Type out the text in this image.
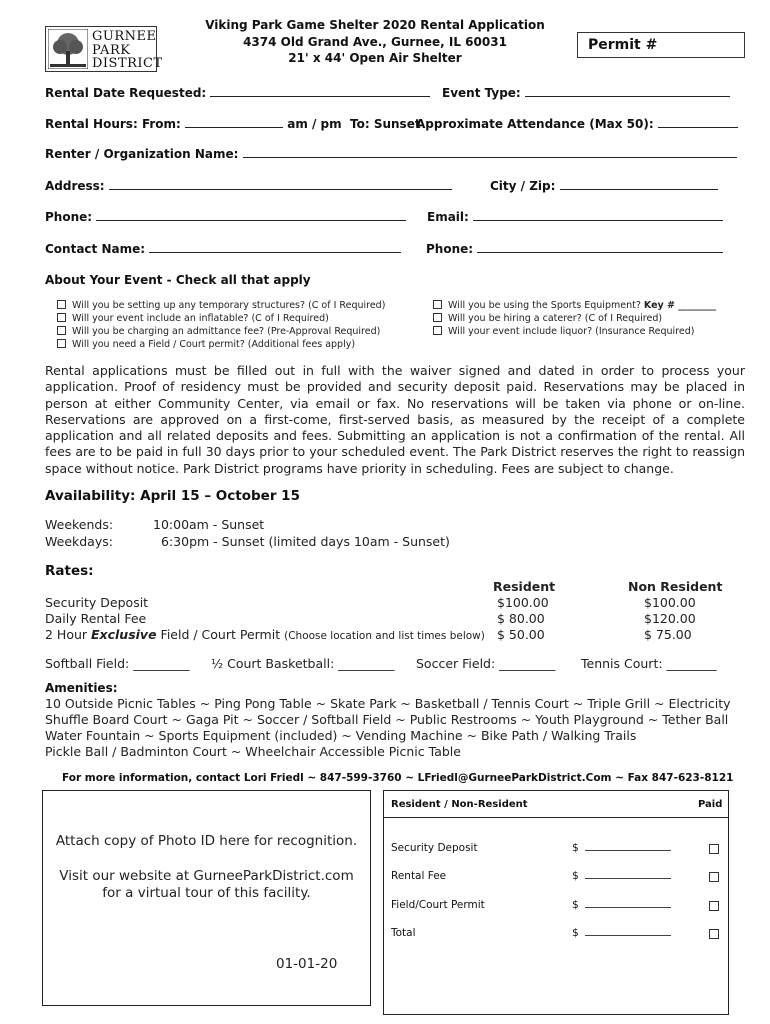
GURNEE
PARK
DISTRICT
Viking Park Game Shelter 2020 Rental Application
4374 Old Grand Ave., Gurnee, IL 60031
21' x 44' Open Air Shelter
Permit #
Rental Date Requested:	Event Type:
Rental Hours: From:	am / pm To: Sunset
Approximate Attendance (Max 50):
Renter / Organization Name:
Address:	City / Zip:
Phone:	Email:
Contact Name:	Phone:
About Your Event - Check all that apply
Will you be setting up any temporary structures? (C of I Required)
Will your event include an inflatable? (C of I Required)
Will you be charging an admittance fee? (Pre-Approval Required)
Will you need a Field / Court permit? (Additional fees apply)
Will you be using the Sports Equipment? Key # ________
Will you be hiring a caterer? (C of I Required)
Will your event include liquor? (Insurance Required)
Rental applications must be filled out in full with the waiver signed and dated in order to process your application. Proof of residency must be provided and security deposit paid. Reservations may be placed in person at either Community Center, via email or fax. No reservations will be taken via phone or on-line. Reservations are approved on a first-come, first-served basis, as measured by the receipt of a complete application and all related deposits and fees. Submitting an application is not a confirmation of the rental. All fees are to be paid in full 30 days prior to your scheduled event. The Park District reserves the right to reassign space without notice. Park District programs have priority in scheduling. Fees are subject to change.
Availability: April 15 – October 15
Weekends:	10:00am - Sunset
Weekdays:	6:30pm - Sunset (limited days 10am - Sunset)
Rates:
Resident	Non Resident
Security Deposit	$100.00	$100.00
Daily Rental Fee	$ 80.00	$120.00
2 Hour Exclusive Field / Court Permit (Choose location and list times below) $ 50.00	$ 75.00
Softball Field: _________ ½ Court Basketball: _________ Soccer Field: _________ Tennis Court: ________
Amenities:
10 Outside Picnic Tables ~ Ping Pong Table ~ Skate Park ~ Basketball / Tennis Court ~ Triple Grill ~ Electricity
Shuffle Board Court ~ Gaga Pit ~ Soccer / Softball Field ~ Public Restrooms ~ Youth Playground ~ Tether Ball
Water Fountain ~ Sports Equipment (included) ~ Vending Machine ~ Bike Path / Walking Trails
Pickle Ball / Badminton Court ~ Wheelchair Accessible Picnic Table
For more information, contact Lori Friedl ~ 847-599-3760 ~ LFriedl@GurneeParkDistrict.Com ~ Fax 847-623-8121
Attach copy of Photo ID here for recognition.
Visit our website at GurneeParkDistrict.com
for a virtual tour of this facility.
01-01-20
Resident / Non-Resident	Paid
Security Deposit	$
Rental Fee	$
Field/Court Permit	$
Total	$
